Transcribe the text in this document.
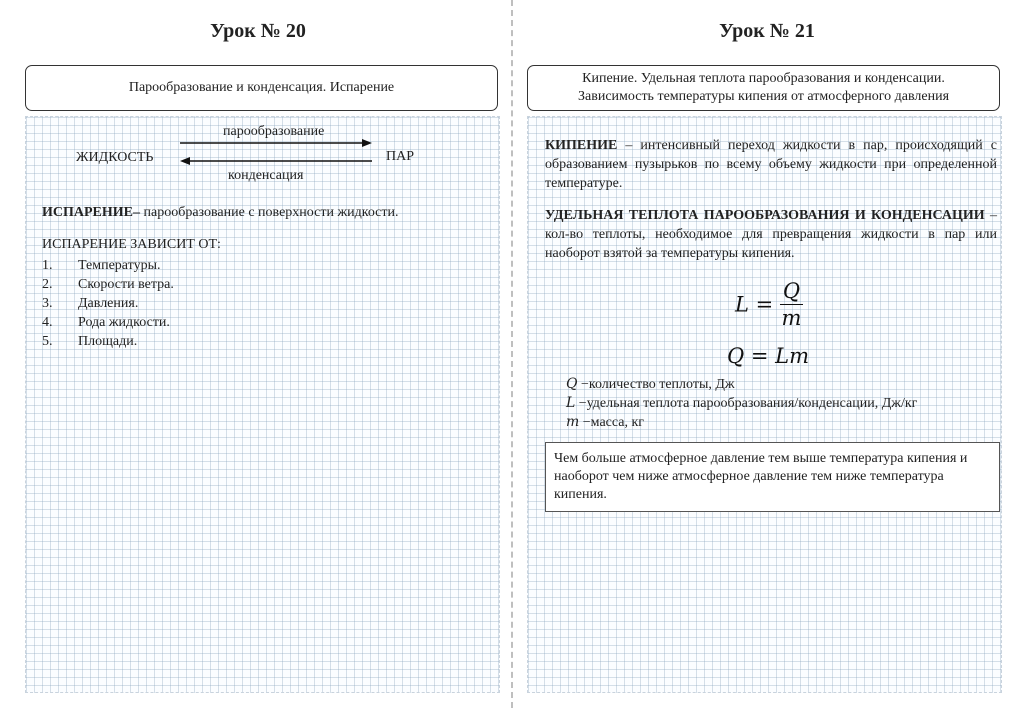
Урок № 20
Парообразование и конденсация. Испарение
парообразование
ЖИДКОСТЬ	ПАР
конденсация
ИСПАРЕНИЕ– парообразование с поверхности жидкости.
ИСПАРЕНИЕ ЗАВИСИТ ОТ:
1.	Температуры.
2.	Скорости ветра.
3.	Давления.
4.	Рода жидкости.
5.	Площади.
Урок № 21
Кипение. Удельная теплота парообразования и конденсации.
Зависимость температуры кипения от атмосферного давления
КИПЕНИЕ – интенсивный переход жидкости в пар, происходящий с образованием пузырьков по всему объему жидкости при определенной температуре.
УДЕЛЬНАЯ ТЕПЛОТА ПАРООБРАЗОВАНИЯ И КОНДЕНСАЦИИ – кол-во теплоты, необходимое для превращения жидкости в пар или наоборот взятой за температуры кипения.
$L = \frac{Q}{m}$
Q = Lm
Q −количество теплоты, Дж
L −удельная теплота парообразования/конденсации, Дж/кг
m −масса, кг
Чем больше атмосферное давление тем выше температура кипения и наоборот чем ниже атмосферное давление тем ниже температура кипения.
